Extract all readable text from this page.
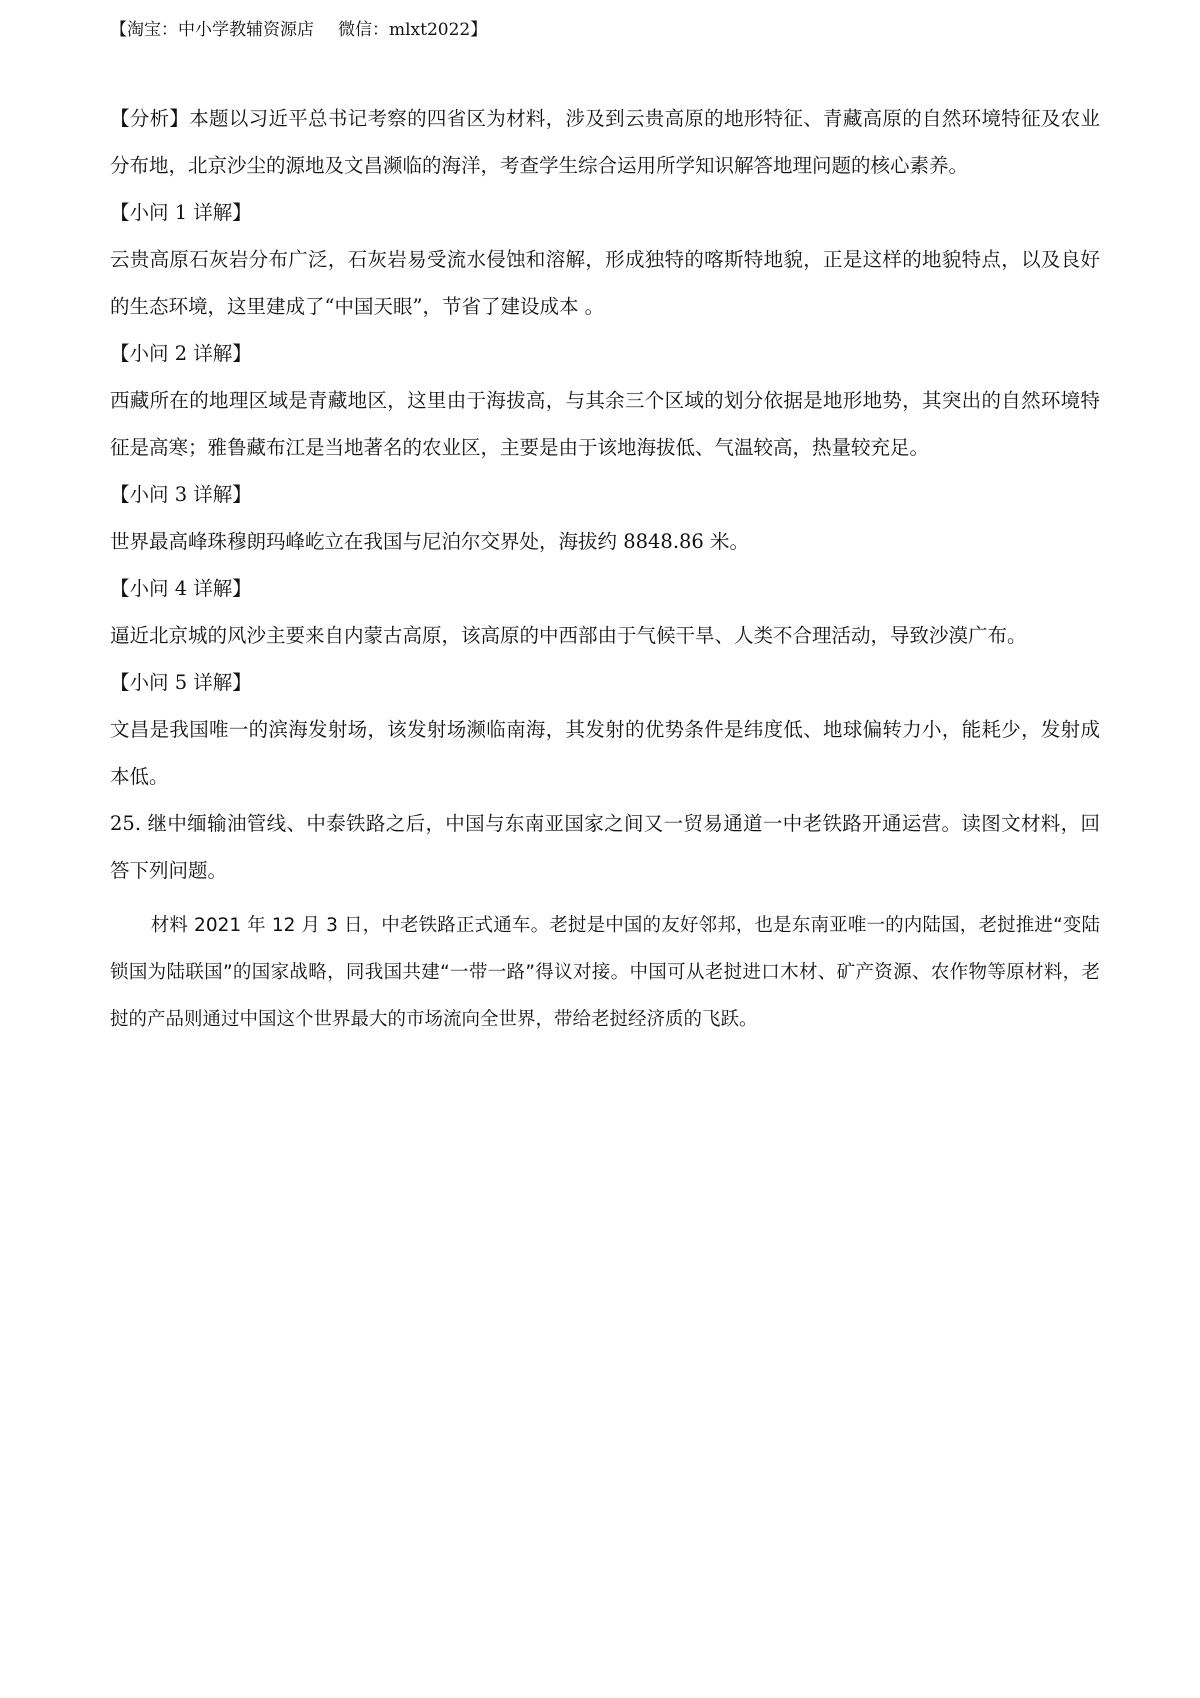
【淘宝：中小学教辅资源店 微信：mlxt2022】

【分析】本题以习近平总书记考察的四省区为材料，涉及到云贵高原的地形特征、青藏高原的自然环境特征及农业分布地，北京沙尘的源地及文昌濒临的海洋，考查学生综合运用所学知识解答地理问题的核心素养。

【小问 1 详解】

云贵高原石灰岩分布广泛，石灰岩易受流水侵蚀和溶解，形成独特的喀斯特地貌，正是这样的地貌特点，以及良好的生态环境，这里建成了“中国天眼”，节省了建设成本 。

【小问 2 详解】

西藏所在的地理区域是青藏地区，这里由于海拔高，与其余三个区域的划分依据是地形地势，其突出的自然环境特征是高寒；雅鲁藏布江是当地著名的农业区，主要是由于该地海拔低、气温较高，热量较充足。

【小问 3 详解】

世界最高峰珠穆朗玛峰屹立在我国与尼泊尔交界处，海拔约 8848.86 米。

【小问 4 详解】

逼近北京城的风沙主要来自内蒙古高原，该高原的中西部由于气候干旱、人类不合理活动，导致沙漠广布。

【小问 5 详解】

文昌是我国唯一的滨海发射场，该发射场濒临南海，其发射的优势条件是纬度低、地球偏转力小，能耗少，发射成本低。

25. 继中缅输油管线、中泰铁路之后，中国与东南亚国家之间又一贸易通道一中老铁路开通运营。读图文材料，回答下列问题。

材料 2021 年 12 月 3 日，中老铁路正式通车。老挝是中国的友好邻邦，也是东南亚唯一的内陆国，老挝推进“变陆锁国为陆联国”的国家战略，同我国共建“一带一路”得议对接。中国可从老挝进口木材、矿产资源、农作物等原材料，老挝的产品则通过中国这个世界最大的市场流向全世界，带给老挝经济质的飞跃。
